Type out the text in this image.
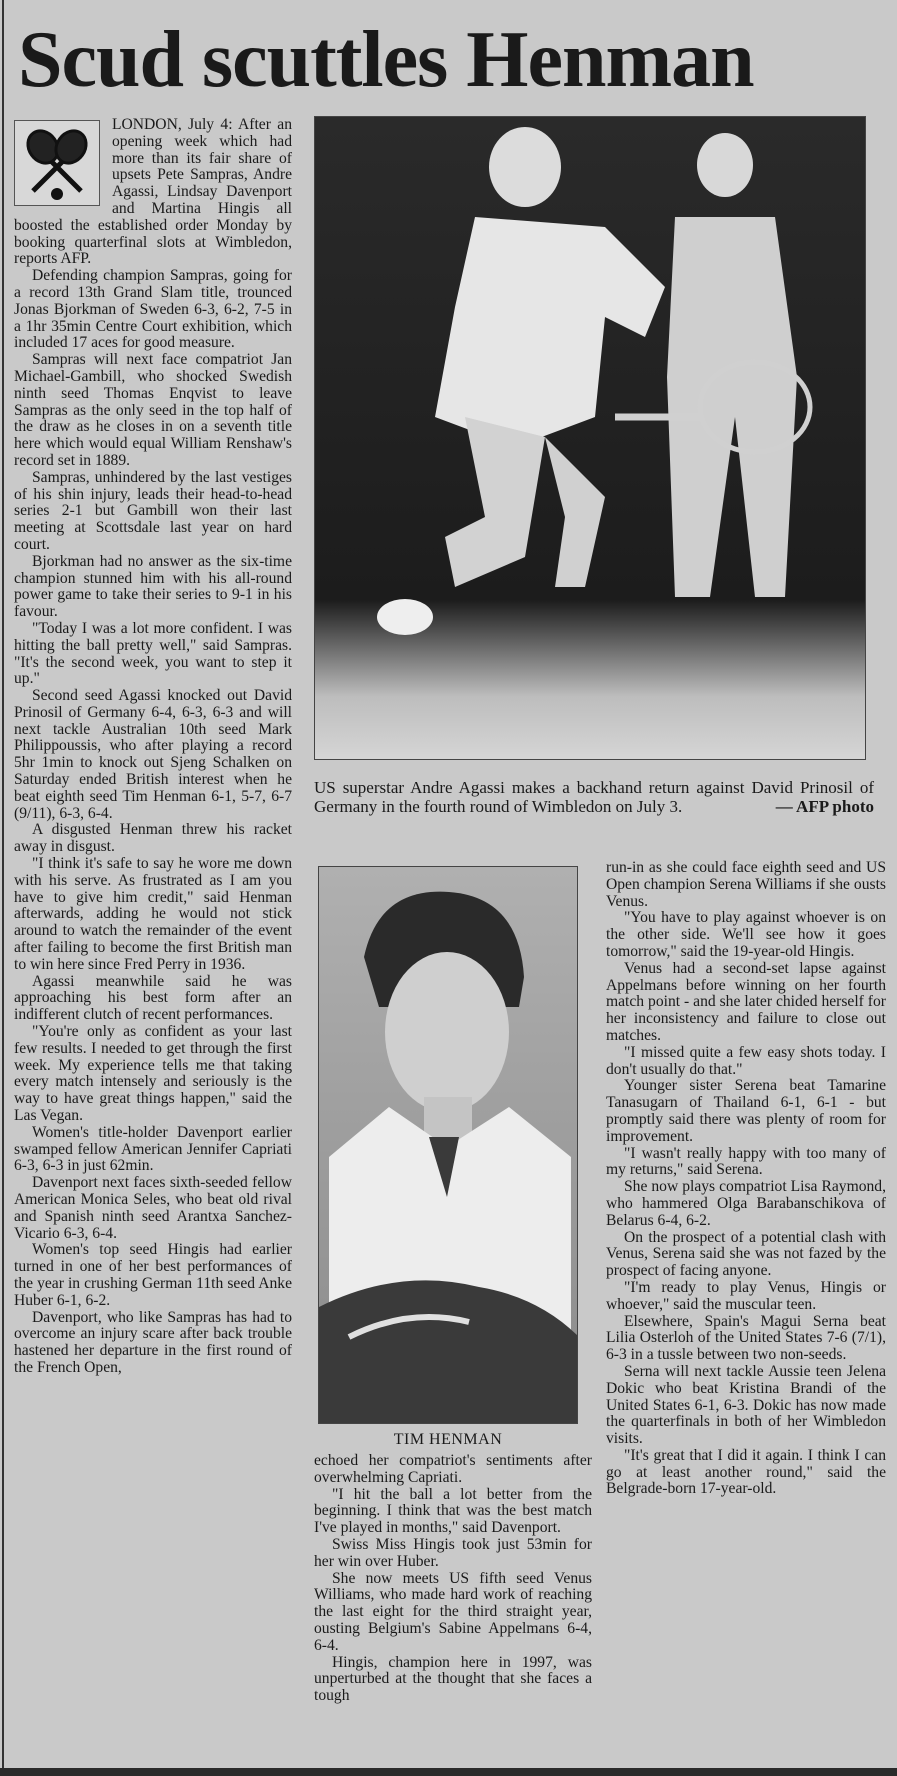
Scud scuttles Henman

LONDON, July 4: After an opening week which had more than its fair share of upsets Pete Sampras, Andre Agassi, Lindsay Davenport and Martina Hingis all boosted the established order Monday by booking quarterfinal slots at Wimbledon, reports AFP.

Defending champion Sampras, going for a record 13th Grand Slam title, trounced Jonas Bjorkman of Sweden 6-3, 6-2, 7-5 in a 1hr 35min Centre Court exhibition, which included 17 aces for good measure.

Sampras will next face compatriot Jan Michael-Gambill, who shocked Swedish ninth seed Thomas Enqvist to leave Sampras as the only seed in the top half of the draw as he closes in on a seventh title here which would equal William Renshaw's record set in 1889.

Sampras, unhindered by the last vestiges of his shin injury, leads their head-to-head series 2-1 but Gambill won their last meeting at Scottsdale last year on hard court.

Bjorkman had no answer as the six-time champion stunned him with his all-round power game to take their series to 9-1 in his favour.

"Today I was a lot more confident. I was hitting the ball pretty well," said Sampras. "It's the second week, you want to step it up."

Second seed Agassi knocked out David Prinosil of Germany 6-4, 6-3, 6-3 and will next tackle Australian 10th seed Mark Philippoussis, who after playing a record 5hr 1min to knock out Sjeng Schalken on Saturday ended British interest when he beat eighth seed Tim Henman 6-1, 5-7, 6-7 (9/11), 6-3, 6-4.

A disgusted Henman threw his racket away in disgust.

"I think it's safe to say he wore me down with his serve. As frustrated as I am you have to give him credit," said Henman afterwards, adding he would not stick around to watch the remainder of the event after failing to become the first British man to win here since Fred Perry in 1936.

Agassi meanwhile said he was approaching his best form after an indifferent clutch of recent performances.

"You're only as confident as your last few results. I needed to get through the first week. My experience tells me that taking every match intensely and seriously is the way to have great things happen," said the Las Vegan.

Women's title-holder Davenport earlier swamped fellow American Jennifer Capriati 6-3, 6-3 in just 62min.

Davenport next faces sixth-seeded fellow American Monica Seles, who beat old rival and Spanish ninth seed Arantxa Sanchez-Vicario 6-3, 6-4.

Women's top seed Hingis had earlier turned in one of her best performances of the year in crushing German 11th seed Anke Huber 6-1, 6-2.

Davenport, who like Sampras has had to overcome an injury scare after back trouble hastened her departure in the first round of the French Open,

US superstar Andre Agassi makes a backhand return against David Prinosil of Germany in the fourth round of Wimbledon on July 3.	— AFP photo
TIM HENMAN

echoed her compatriot's sentiments after overwhelming Capriati.

"I hit the ball a lot better from the beginning. I think that was the best match I've played in months," said Davenport.

Swiss Miss Hingis took just 53min for her win over Huber.

She now meets US fifth seed Venus Williams, who made hard work of reaching the last eight for the third straight year, ousting Belgium's Sabine Appelmans 6-4, 6-4.

Hingis, champion here in 1997, was unperturbed at the thought that she faces a tough

run-in as she could face eighth seed and US Open champion Serena Williams if she ousts Venus.

"You have to play against whoever is on the other side. We'll see how it goes tomorrow," said the 19-year-old Hingis.

Venus had a second-set lapse against Appelmans before winning on her fourth match point - and she later chided herself for her inconsistency and failure to close out matches.

"I missed quite a few easy shots today. I don't usually do that."

Younger sister Serena beat Tamarine Tanasugarn of Thailand 6-1, 6-1 - but promptly said there was plenty of room for improvement.

"I wasn't really happy with too many of my returns," said Serena.

She now plays compatriot Lisa Raymond, who hammered Olga Barabanschikova of Belarus 6-4, 6-2.

On the prospect of a potential clash with Venus, Serena said she was not fazed by the prospect of facing anyone.

"I'm ready to play Venus, Hingis or whoever," said the muscular teen.

Elsewhere, Spain's Magui Serna beat Lilia Osterloh of the United States 7-6 (7/1), 6-3 in a tussle between two non-seeds.

Serna will next tackle Aussie teen Jelena Dokic who beat Kristina Brandi of the United States 6-1, 6-3. Dokic has now made the quarterfinals in both of her Wimbledon visits.

"It's great that I did it again. I think I can go at least another round," said the Belgrade-born 17-year-old.
